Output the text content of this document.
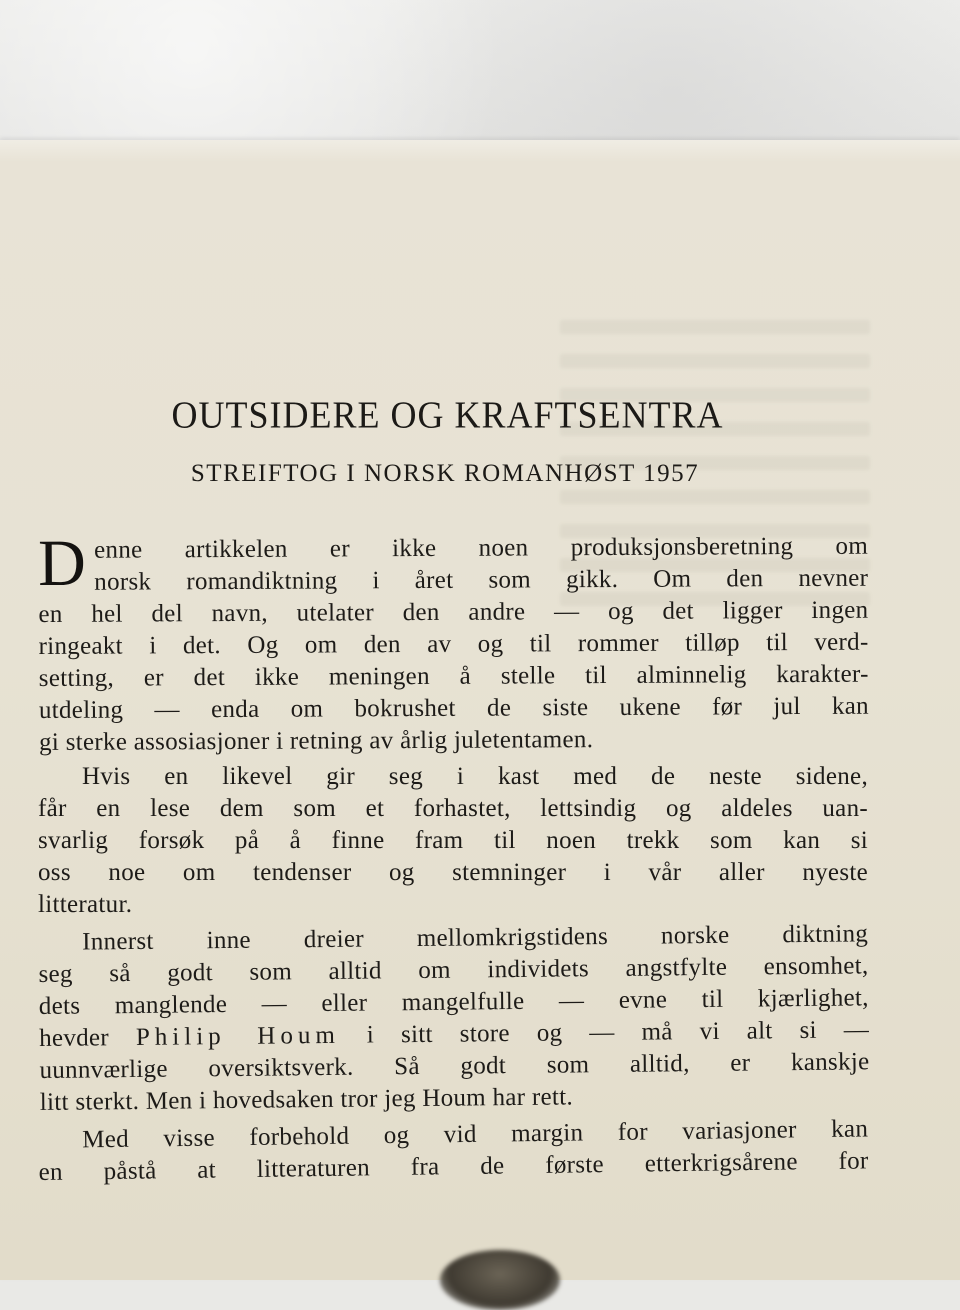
OUTSIDERE OG KRAFTSENTRA
STREIFTOG I NORSK ROMANHØST 1957
D enne artikkelen er ikke noen produksjonsberetning om
norsk romandiktning i året som gikk. Om den nevner
en hel del navn, utelater den andre — og det ligger ingen
ringeakt i det. Og om den av og til rommer tilløp til verd-
setting, er det ikke meningen å stelle til alminnelig karakter-
utdeling — enda om bokrushet de siste ukene før jul kan
gi sterke assosiasjoner i retning av årlig juletentamen.
Hvis en likevel gir seg i kast med de neste sidene,
får en lese dem som et forhastet, lettsindig og aldeles uan-
svarlig forsøk på å finne fram til noen trekk som kan si
oss noe om tendenser og stemninger i vår aller nyeste
litteratur.
Innerst inne dreier mellomkrigstidens norske diktning
seg så godt som alltid om individets angstfylte ensomhet,
dets manglende — eller mangelfulle — evne til kjærlighet,
hevder Philip Houm i sitt store og — må vi alt si —
uunnværlige oversiktsverk. Så godt som alltid, er kanskje
litt sterkt. Men i hovedsaken tror jeg Houm har rett.
Med visse forbehold og vid margin for variasjoner kan
en påstå at litteraturen fra de første etterkrigsårene for
